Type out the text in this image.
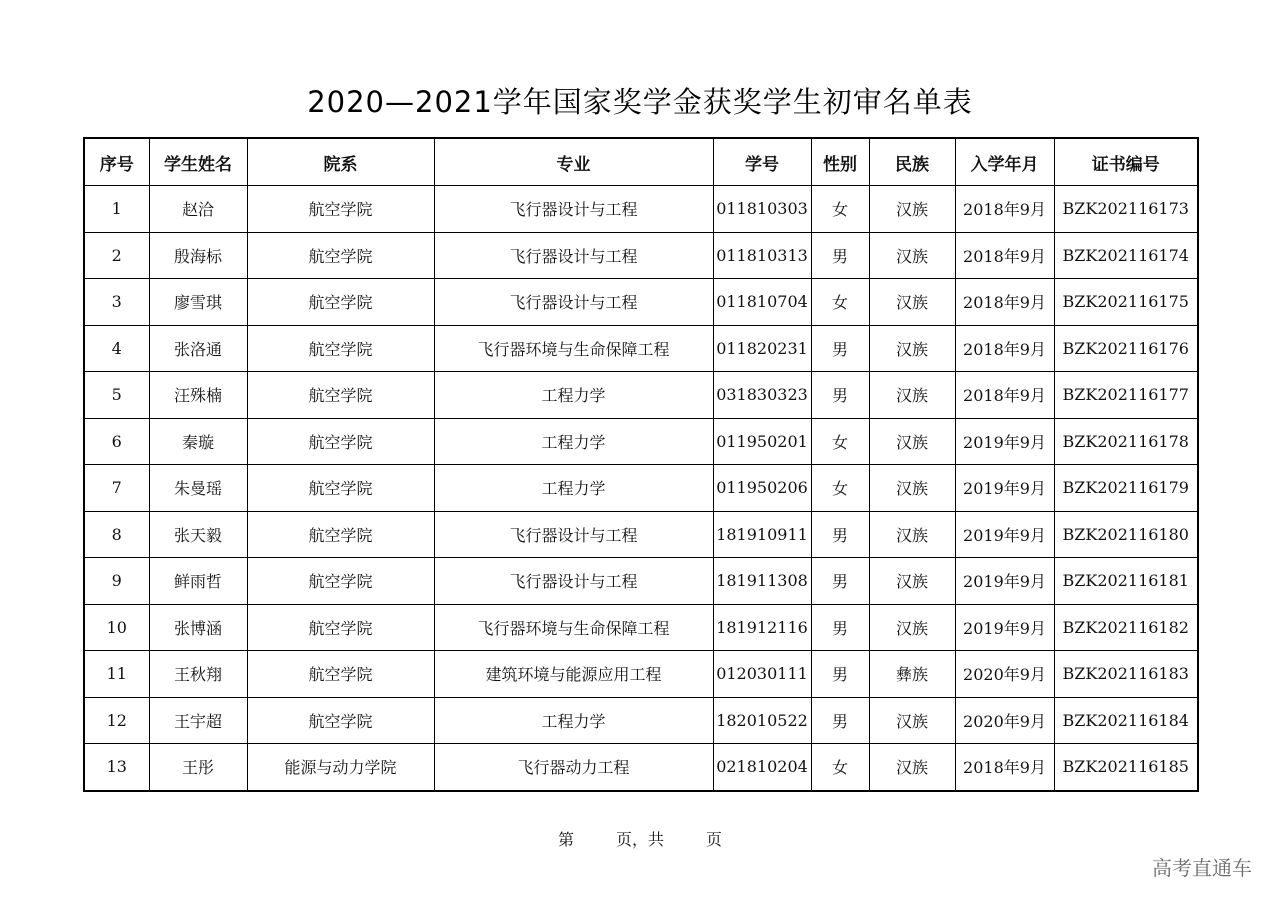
2020—2021学年国家奖学金获奖学生初审名单表
序号	学生姓名	院系	专业	学号	性别	民族	入学年月	证书编号
1	赵洽	航空学院	飞行器设计与工程	011810303	女	汉族	2018年9月	BZK202116173
2	殷海标	航空学院	飞行器设计与工程	011810313	男	汉族	2018年9月	BZK202116174
3	廖雪琪	航空学院	飞行器设计与工程	011810704	女	汉族	2018年9月	BZK202116175
4	张洛通	航空学院	飞行器环境与生命保障工程	011820231	男	汉族	2018年9月	BZK202116176
5	汪殊楠	航空学院	工程力学	031830323	男	汉族	2018年9月	BZK202116177
6	秦璇	航空学院	工程力学	011950201	女	汉族	2019年9月	BZK202116178
7	朱曼瑶	航空学院	工程力学	011950206	女	汉族	2019年9月	BZK202116179
8	张天毅	航空学院	飞行器设计与工程	181910911	男	汉族	2019年9月	BZK202116180
9	鲜雨哲	航空学院	飞行器设计与工程	181911308	男	汉族	2019年9月	BZK202116181
10	张博涵	航空学院	飞行器环境与生命保障工程	181912116	男	汉族	2019年9月	BZK202116182
11	王秋翔	航空学院	建筑环境与能源应用工程	012030111	男	彝族	2020年9月	BZK202116183
12	王宇超	航空学院	工程力学	182010522	男	汉族	2020年9月	BZK202116184
13	王彤	能源与动力学院	飞行器动力工程	021810204	女	汉族	2018年9月	BZK202116185
第	页，共	页
高考直通车
